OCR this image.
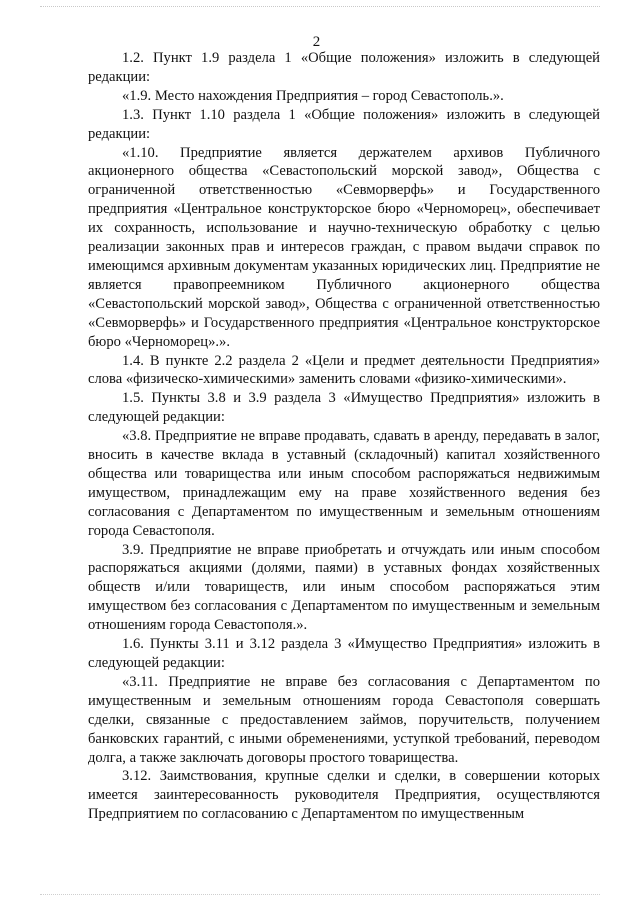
2

1.2. Пункт 1.9 раздела 1 «Общие положения» изложить в следующей редакции:

«1.9. Место нахождения Предприятия – город Севастополь.».

1.3. Пункт 1.10 раздела 1 «Общие положения» изложить в следующей редакции:

«1.10. Предприятие является держателем архивов Публичного акционерного общества «Севастопольский морской завод», Общества с ограниченной ответственностью «Севморверфь» и Государственного предприятия «Центральное конструкторское бюро «Черноморец», обеспечивает их сохранность, использование и научно-техническую обработку с целью реализации законных прав и интересов граждан, с правом выдачи справок по имеющимся архивным документам указанных юридических лиц. Предприятие не является правопреемником Публичного акционерного общества «Севастопольский морской завод», Общества с ограниченной ответственностью «Севморверфь» и Государственного предприятия «Центральное конструкторское бюро «Черноморец».».

1.4. В пункте 2.2 раздела 2 «Цели и предмет деятельности Предприятия» слова «физическо-химическими» заменить словами «физико-химическими».

1.5. Пункты 3.8 и 3.9 раздела 3 «Имущество Предприятия» изложить в следующей редакции:

«3.8. Предприятие не вправе продавать, сдавать в аренду, передавать в залог, вносить в качестве вклада в уставный (складочный) капитал хозяйственного общества или товарищества или иным способом распоряжаться недвижимым имуществом, принадлежащим ему на праве хозяйственного ведения без согласования с Департаментом по имущественным и земельным отношениям города Севастополя.

3.9. Предприятие не вправе приобретать и отчуждать или иным способом распоряжаться акциями (долями, паями) в уставных фондах хозяйственных обществ и/или товариществ, или иным способом распоряжаться этим имуществом без согласования с Департаментом по имущественным и земельным отношениям города Севастополя.».

1.6. Пункты 3.11 и 3.12 раздела 3 «Имущество Предприятия» изложить в следующей редакции:

«3.11. Предприятие не вправе без согласования с Департаментом по имущественным и земельным отношениям города Севастополя совершать сделки, связанные с предоставлением займов, поручительств, получением банковских гарантий, с иными обременениями, уступкой требований, переводом долга, а также заключать договоры простого товарищества.

3.12. Заимствования, крупные сделки и сделки, в совершении которых имеется заинтересованность руководителя Предприятия, осуществляются Предприятием по согласованию с Департаментом по имущественным
